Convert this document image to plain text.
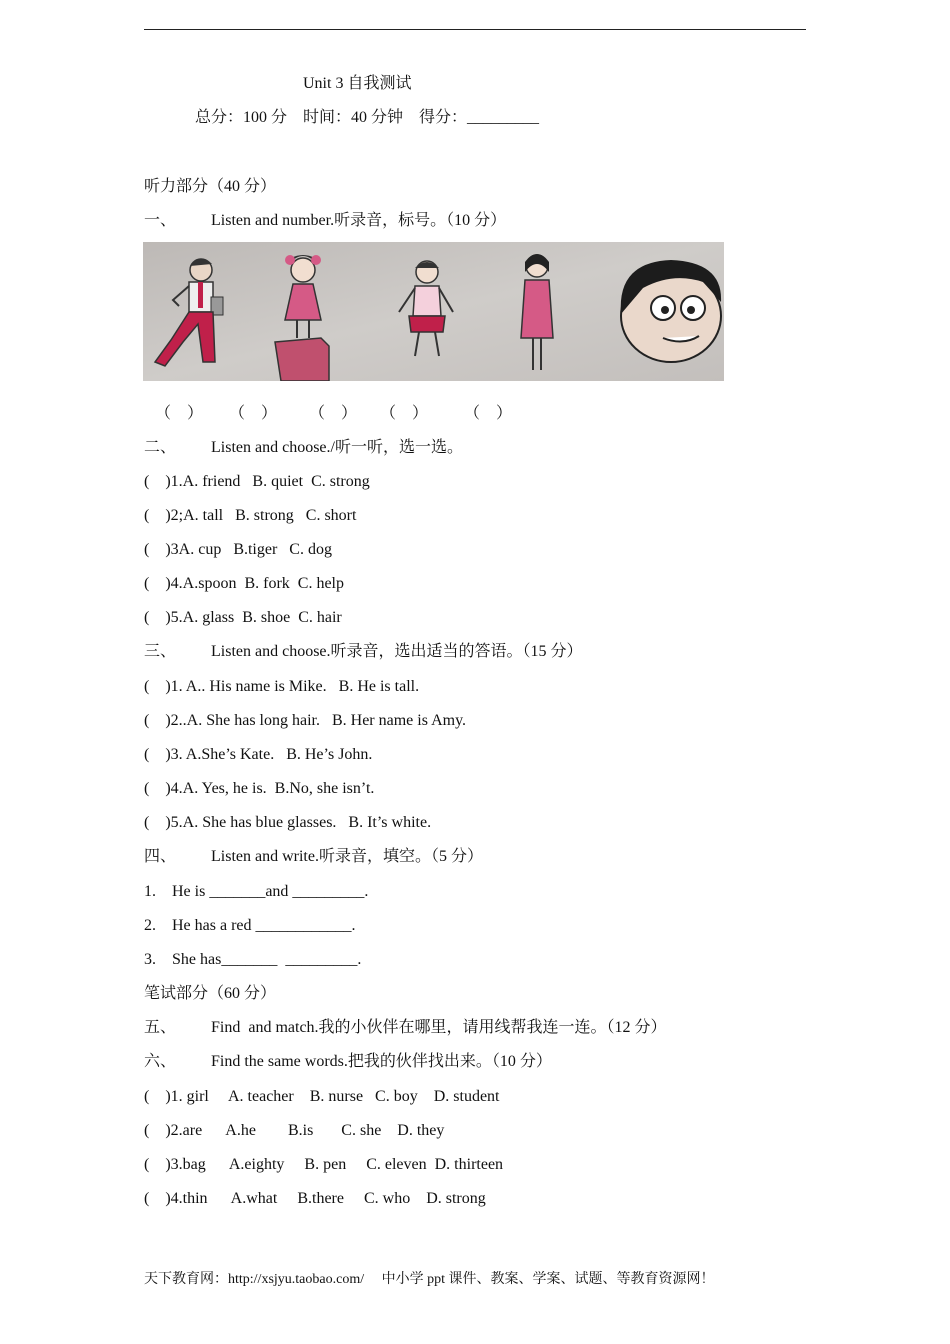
Unit 3 自我测试
总分：100 分 时间：40 分钟 得分：_________
听力部分（40 分）
一、 Listen and number.听录音，标号。（10 分）
（　） （　） （　） （　） （　）
二、 Listen and choose./听一听，选一选。
(    )1.A. friend   B. quiet  C. strong
(    )2;A. tall   B. strong   C. short
(    )3A. cup   B.tiger   C. dog
(    )4.A.spoon  B. fork  C. help
(    )5.A. glass  B. shoe  C. hair
三、 Listen and choose.听录音，选出适当的答语。（15 分）
(    )1. A.. His name is Mike.   B. He is tall.
(    )2..A. She has long hair.   B. Her name is Amy.
(    )3. A.She’s Kate.   B. He’s John.
(    )4.A. Yes, he is.  B.No, she isn’t.
(    )5.A. She has blue glasses.   B. It’s white.
四、 Listen and write.听录音，填空。（5 分）
1.    He is _______and _________.
2.    He has a red ____________.
3.    She has_______  _________.
笔试部分（60 分）
五、 Find  and match.我的小伙伴在哪里，请用线帮我连一连。（12 分）
六、 Find the same words.把我的伙伴找出来。（10 分）
(    )1. girl     A. teacher    B. nurse   C. boy    D. student
(    )2.are      A.he        B.is       C. she    D. they
(    )3.bag      A.eighty     B. pen     C. eleven  D. thirteen
(    )4.thin      A.what     B.there     C. who    D. strong
天下教育网：http://xsjyu.taobao.com/     中小学 ppt 课件、教案、学案、试题、等教育资源网！
